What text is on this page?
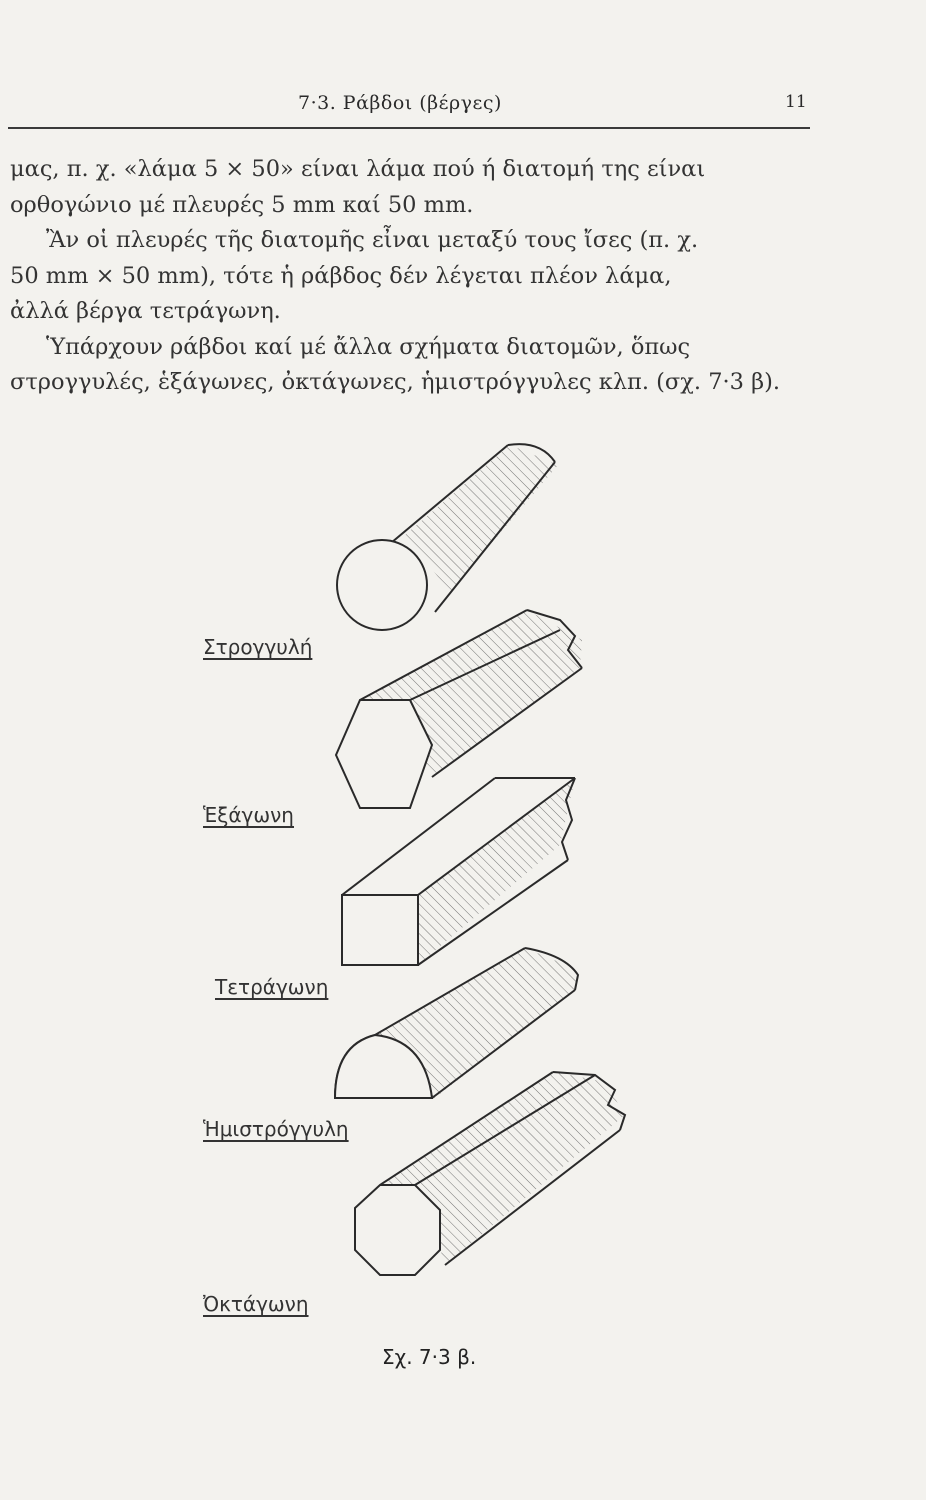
7·3. Ράβδοι (βέργες)	11
μας, π. χ. «λάμα 5 × 50» είναι λάμα πού ή διατομή της είναι
ορθογώνιο μέ πλευρές 5 mm καί 50 mm.
Ἂν οἱ πλευρές τῆς διατομῆς εἶναι μεταξύ τους ἴσες (π. χ.
50 mm × 50 mm), τότε ἡ ράβδος δέν λέγεται πλέον λάμα,
ἀλλά βέργα τετράγωνη.
Ὑπάρχουν ράβδοι καί μέ ἄλλα σχήματα διατομῶν, ὅπως
στρογγυλές, ἑξάγωνες, ὀκτάγωνες, ἡμιστρόγγυλες κλπ. (σχ. 7·3 β).
Στρογγυλή
Ἑξάγωνη
Τετράγωνη
Ἡμιστρόγγυλη
Ὀκτάγωνη
Σχ. 7·3 β.
